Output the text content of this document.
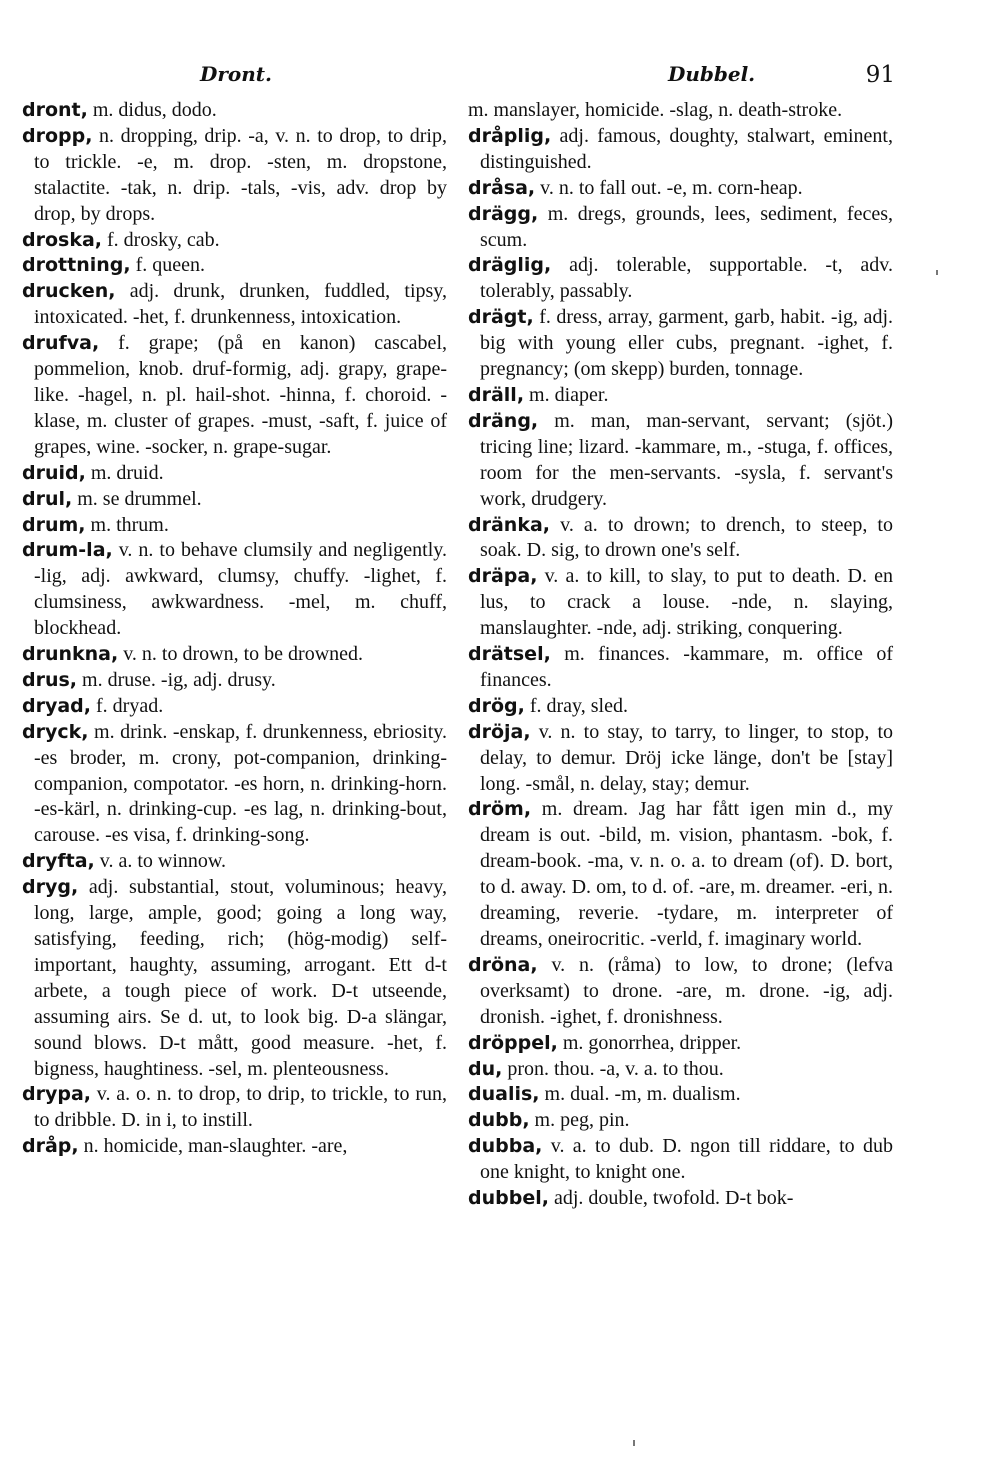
Dront.	Dubbel.	91

dront, m. didus, dodo.

dropp, n. dropping, drip. -a, v. n. to drop, to drip, to trickle. -e, m. drop. -sten, m. dropstone, stalactite. -tak, n. drip. -tals, -vis, adv. drop by drop, by drops.

droska, f. drosky, cab.

drottning, f. queen.

drucken, adj. drunk, drunken, fuddled, tipsy, intoxicated. -het, f. drunkenness, intoxication.

drufva, f. grape; (på en kanon) cascabel, pommelion, knob. druf-formig, adj. grapy, grape-like. -hagel, n. pl. hail-shot. -hinna, f. choroid. -klase, m. cluster of grapes. -must, -saft, f. juice of grapes, wine. -socker, n. grape-sugar.

druid, m. druid.

drul, m. se drummel.

drum, m. thrum.

drum-la, v. n. to behave clumsily and negligently. -lig, adj. awkward, clumsy, chuffy. -lighet, f. clumsiness, awkwardness. -mel, m. chuff, blockhead.

drunkna, v. n. to drown, to be drowned.

drus, m. druse. -ig, adj. drusy.

dryad, f. dryad.

dryck, m. drink. -enskap, f. drunkenness, ebriosity. -es broder, m. crony, pot-companion, drinking-companion, compotator. -es horn, n. drinking-horn. -es-kärl, n. drinking-cup. -es lag, n. drinking-bout, carouse. -es visa, f. drinking-song.

dryfta, v. a. to winnow.

dryg, adj. substantial, stout, voluminous; heavy, long, large, ample, good; going a long way, satisfying, feeding, rich; (hög-modig) self-important, haughty, assuming, arrogant. Ett d-t arbete, a tough piece of work. D-t utseende, assuming airs. Se d. ut, to look big. D-a slängar, sound blows. D-t mått, good measure. -het, f. bigness, haughtiness. -sel, m. plenteousness.

drypa, v. a. o. n. to drop, to drip, to trickle, to run, to dribble. D. in i, to instill.

dråp, n. homicide, man-slaughter. -are,

m. manslayer, homicide. -slag, n. death-stroke.

dråplig, adj. famous, doughty, stalwart, eminent, distinguished.

dråsa, v. n. to fall out. -e, m. corn-heap.

drägg, m. dregs, grounds, lees, sediment, feces, scum.

dräglig, adj. tolerable, supportable. -t, adv. tolerably, passably.

drägt, f. dress, array, garment, garb, habit. -ig, adj. big with young eller cubs, pregnant. -ighet, f. pregnancy; (om skepp) burden, tonnage.

dräll, m. diaper.

dräng, m. man, man-servant, servant; (sjöt.) tricing line; lizard. -kammare, m., -stuga, f. offices, room for the men-servants. -sysla, f. servant's work, drudgery.

dränka, v. a. to drown; to drench, to steep, to soak. D. sig, to drown one's self.

dräpa, v. a. to kill, to slay, to put to death. D. en lus, to crack a louse. -nde, n. slaying, manslaughter. -nde, adj. striking, conquering.

drätsel, m. finances. -kammare, m. office of finances.

drög, f. dray, sled.

dröja, v. n. to stay, to tarry, to linger, to stop, to delay, to demur. Dröj icke länge, don't be [stay] long. -smål, n. delay, stay; demur.

dröm, m. dream. Jag har fått igen min d., my dream is out. -bild, m. vision, phantasm. -bok, f. dream-book. -ma, v. n. o. a. to dream (of). D. bort, to d. away. D. om, to d. of. -are, m. dreamer. -eri, n. dreaming, reverie. -tydare, m. interpreter of dreams, oneirocritic. -verld, f. imaginary world.

dröna, v. n. (råma) to low, to drone; (lefva overksamt) to drone. -are, m. drone. -ig, adj. dronish. -ighet, f. dronishness.

dröppel, m. gonorrhea, dripper.

du, pron. thou. -a, v. a. to thou.

dualis, m. dual. -m, m. dualism.

dubb, m. peg, pin.

dubba, v. a. to dub. D. ngon till riddare, to dub one knight, to knight one.

dubbel, adj. double, twofold. D-t bok-
